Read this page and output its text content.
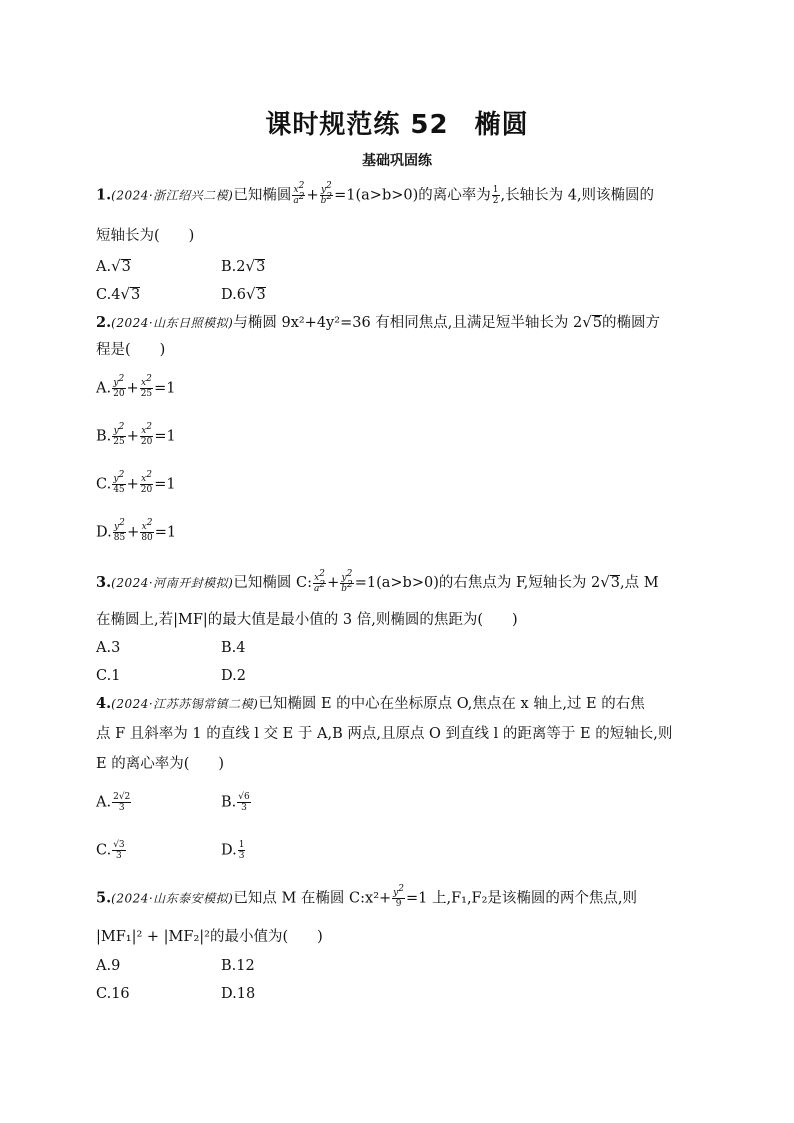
课时规范练 52 椭圆
基础巩固练
1.(2024·浙江绍兴二模)已知椭圆 $\frac{x^2}{a^2} + \frac{y^2}{b^2} =1(a>b>0)$的离心率为 $\frac{1}{2}$ ,长轴长为 4,则该椭圆的
短轴长为(　　)
A.√3	B.2√3
C.4√3	D.6√3
2.(2024·山东日照模拟)与椭圆 9x²+4y²=36 有相同焦点,且满足短半轴长为 2√5的椭圆方
程是(　　)
A. $\frac{y^2}{20} + \frac{x^2}{25} =1$
B. $\frac{y^2}{25} + \frac{x^2}{20} =1$
C. $\frac{y^2}{45} + \frac{x^2}{20} =1$
D. $\frac{y^2}{85} + \frac{x^2}{80} =1$
3.(2024·河南开封模拟)已知椭圆 C: $\frac{x^2}{a^2} + \frac{y^2}{b^2} =1(a>b>0)$的右焦点为 F,短轴长为 2√3,点 M
在椭圆上,若|MF|的最大值是最小值的 3 倍,则椭圆的焦距为(　　)
A.3	B.4
C.1	D.2
4.(2024·江苏苏锡常镇二模)已知椭圆 E 的中心在坐标原点 O,焦点在 x 轴上,过 E 的右焦
点 F 且斜率为 1 的直线 l 交 E 于 A,B 两点,且原点 O 到直线 l 的距离等于 E 的短轴长,则
E 的离心率为(　　)
A. $\frac{2√2}{3}$	B. $\frac{√6}{3}$
C. $\frac{√3}{3}$	D. $\frac{1}{3}$
5.(2024·山东泰安模拟)已知点 M 在椭圆 C:x²+ $\frac{y^2}{9} =1$ 上,F₁,F₂是该椭圆的两个焦点,则
|MF₁|² + |MF₂|²的最小值为(　　)
A.9	B.12
C.16	D.18
